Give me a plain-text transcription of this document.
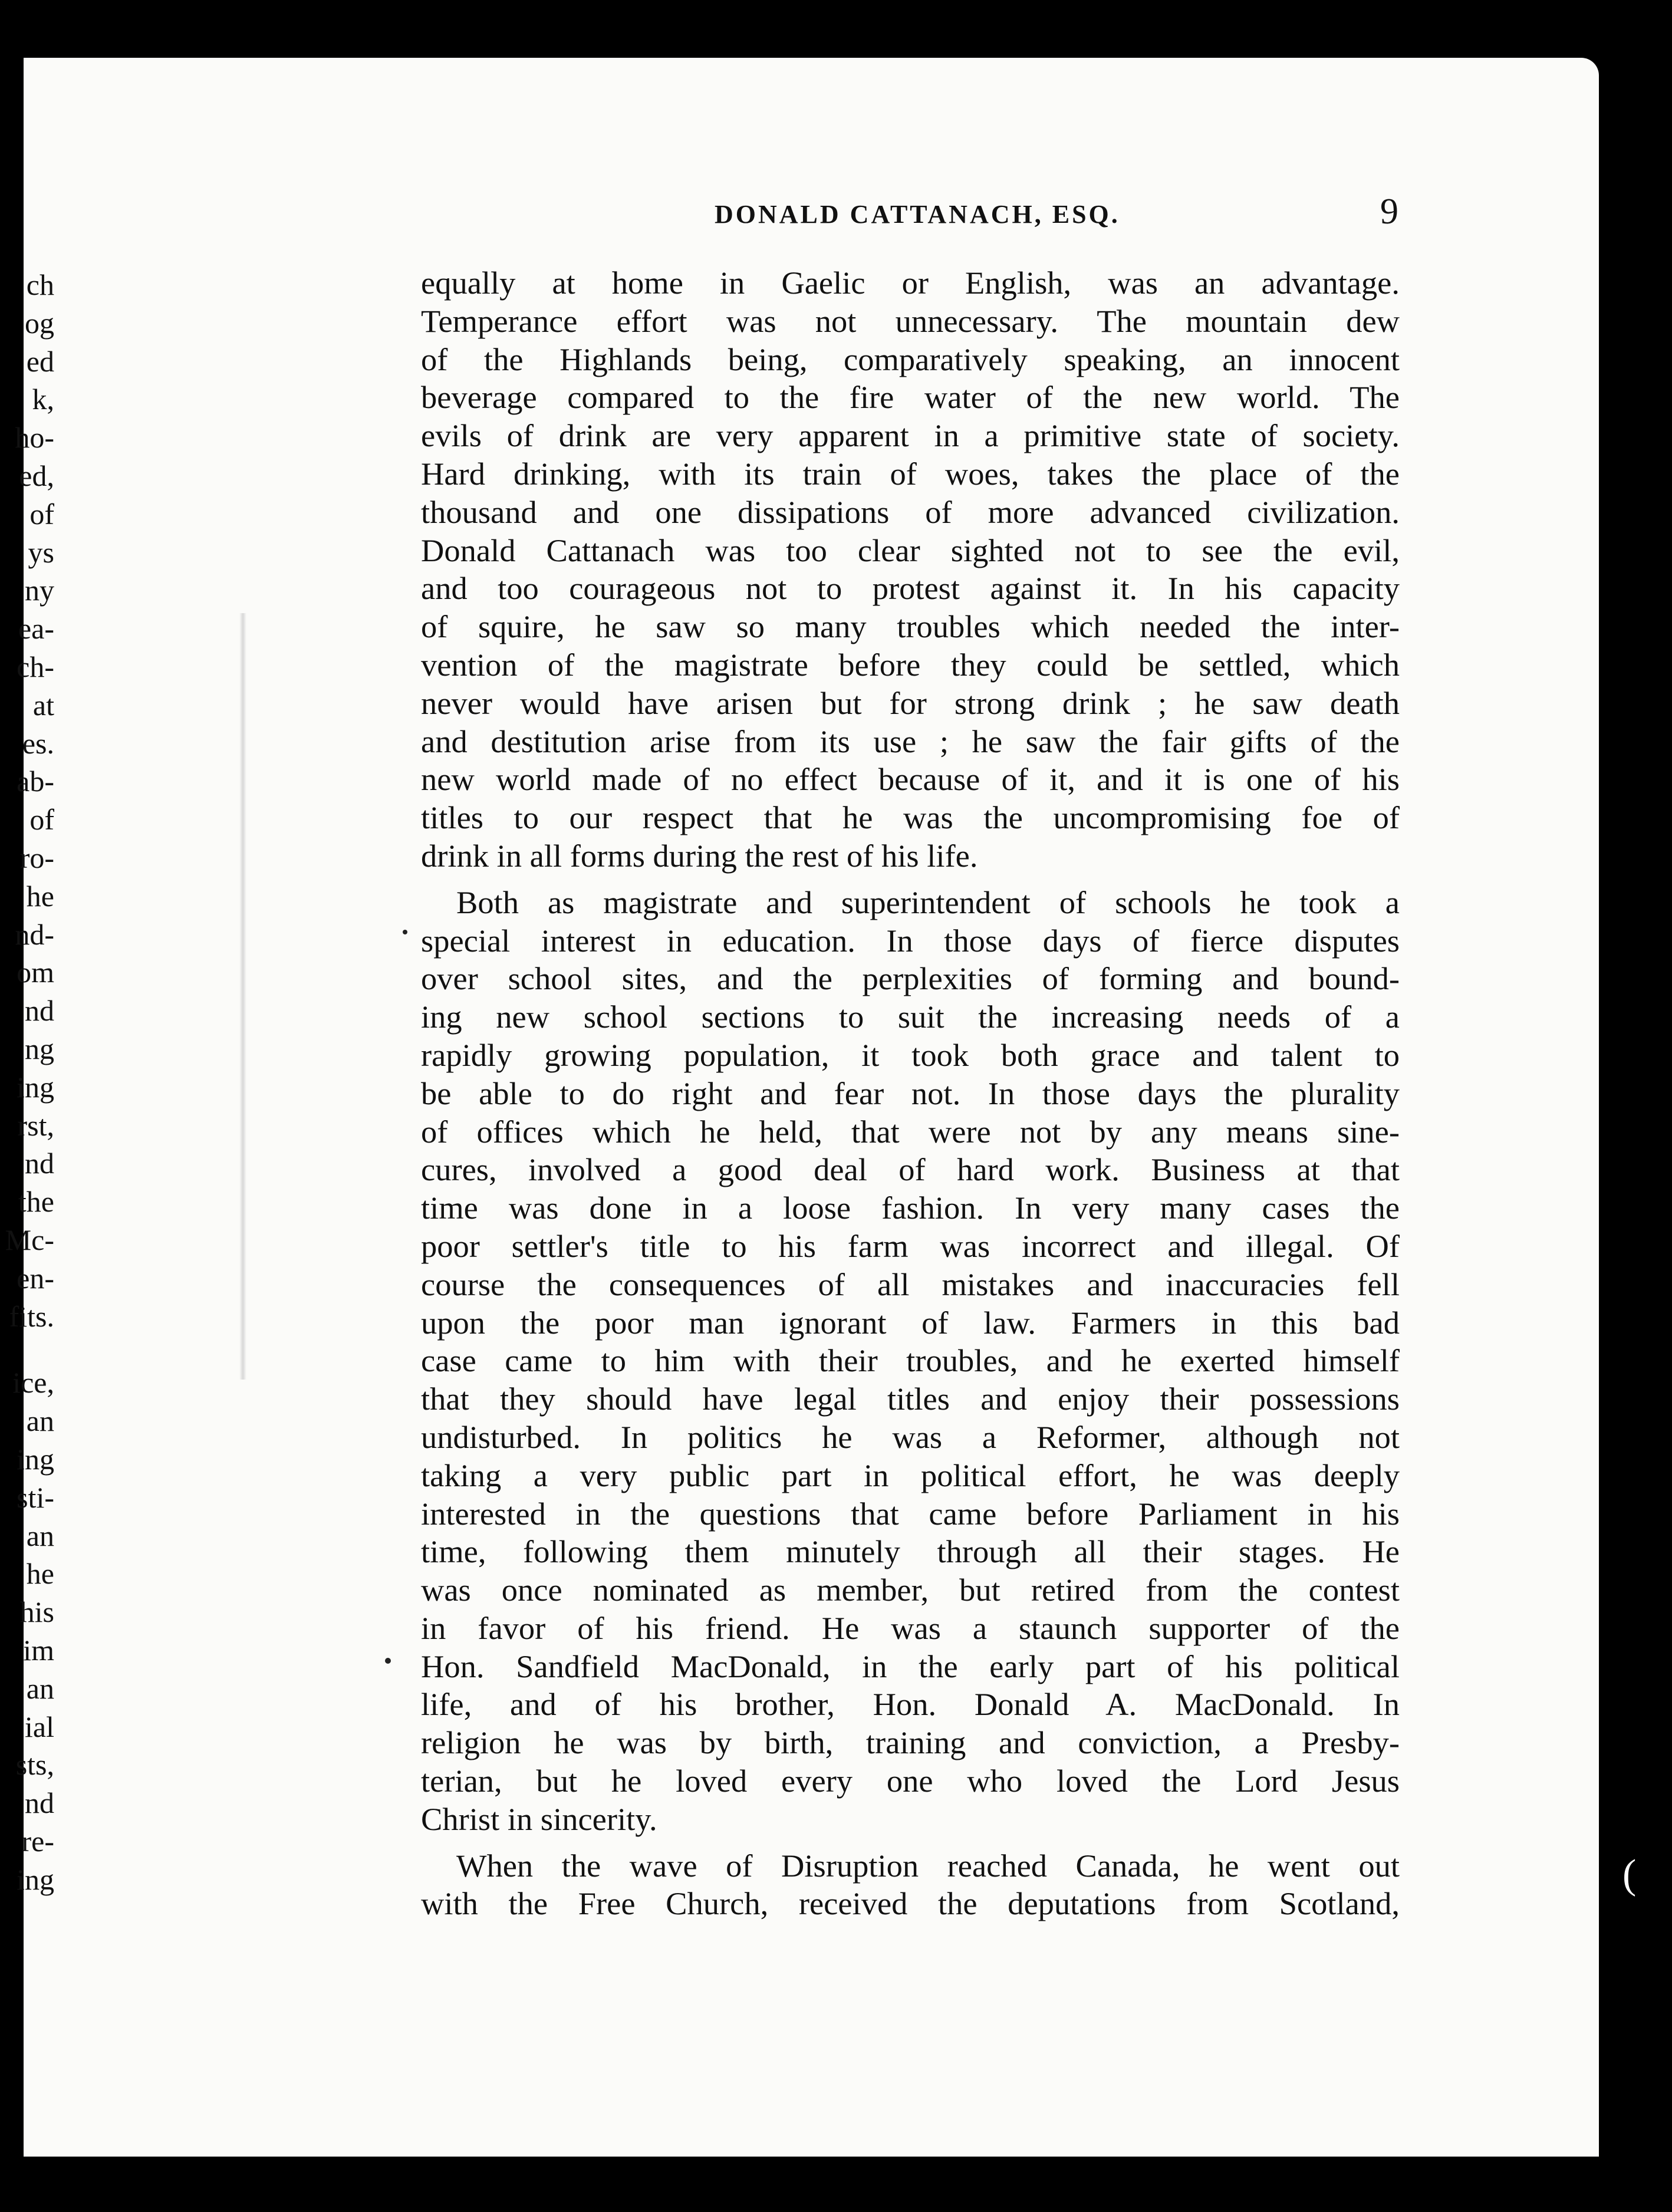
ch
og
ed
k,
ho-
ed,
of
ys
ny
ea-
ch-
at
es.
ab-
of
ro-
he
nd-
om
nd
ng
ing
rst,
nd
the
Mc-
en-
fits.
ice,
an
ing
sti-
an
he
his
im
an
ial
sts,
nd
re-
ing
DONALD CATTANACH, ESQ.	9

equally at home in Gaelic or English, was an advantage.
Temperance effort was not unnecessary. The mountain dew
of the Highlands being, comparatively speaking, an innocent
beverage compared to the fire water of the new world. The
evils of drink are very apparent in a primitive state of society.
Hard drinking, with its train of woes, takes the place of the
thousand and one dissipations of more advanced civilization.
Donald Cattanach was too clear sighted not to see the evil,
and too courageous not to protest against it. In his capacity
of squire, he saw so many troubles which needed the inter-
vention of the magistrate before they could be settled, which
never would have arisen but for strong drink ; he saw death
and destitution arise from its use ; he saw the fair gifts of the
new world made of no effect because of it, and it is one of his
titles to our respect that he was the uncompromising foe of
drink in all forms during the rest of his life.

Both as magistrate and superintendent of schools he took a
special interest in education. In those days of fierce disputes
over school sites, and the perplexities of forming and bound-
ing new school sections to suit the increasing needs of a
rapidly growing population, it took both grace and talent to
be able to do right and fear not. In those days the plurality
of offices which he held, that were not by any means sine-
cures, involved a good deal of hard work. Business at that
time was done in a loose fashion. In very many cases the
poor settler's title to his farm was incorrect and illegal. Of
course the consequences of all mistakes and inaccuracies fell
upon the poor man ignorant of law. Farmers in this bad
case came to him with their troubles, and he exerted himself
that they should have legal titles and enjoy their possessions
undisturbed. In politics he was a Reformer, although not
taking a very public part in political effort, he was deeply
interested in the questions that came before Parliament in his
time, following them minutely through all their stages. He
was once nominated as member, but retired from the contest
in favor of his friend. He was a staunch supporter of the
Hon. Sandfield MacDonald, in the early part of his political
life, and of his brother, Hon. Donald A. MacDonald. In
religion he was by birth, training and conviction, a Presby-
terian, but he loved every one who loved the Lord Jesus
Christ in sincerity.

When the wave of Disruption reached Canada, he went out
with the Free Church, received the deputations from Scotland,

(
